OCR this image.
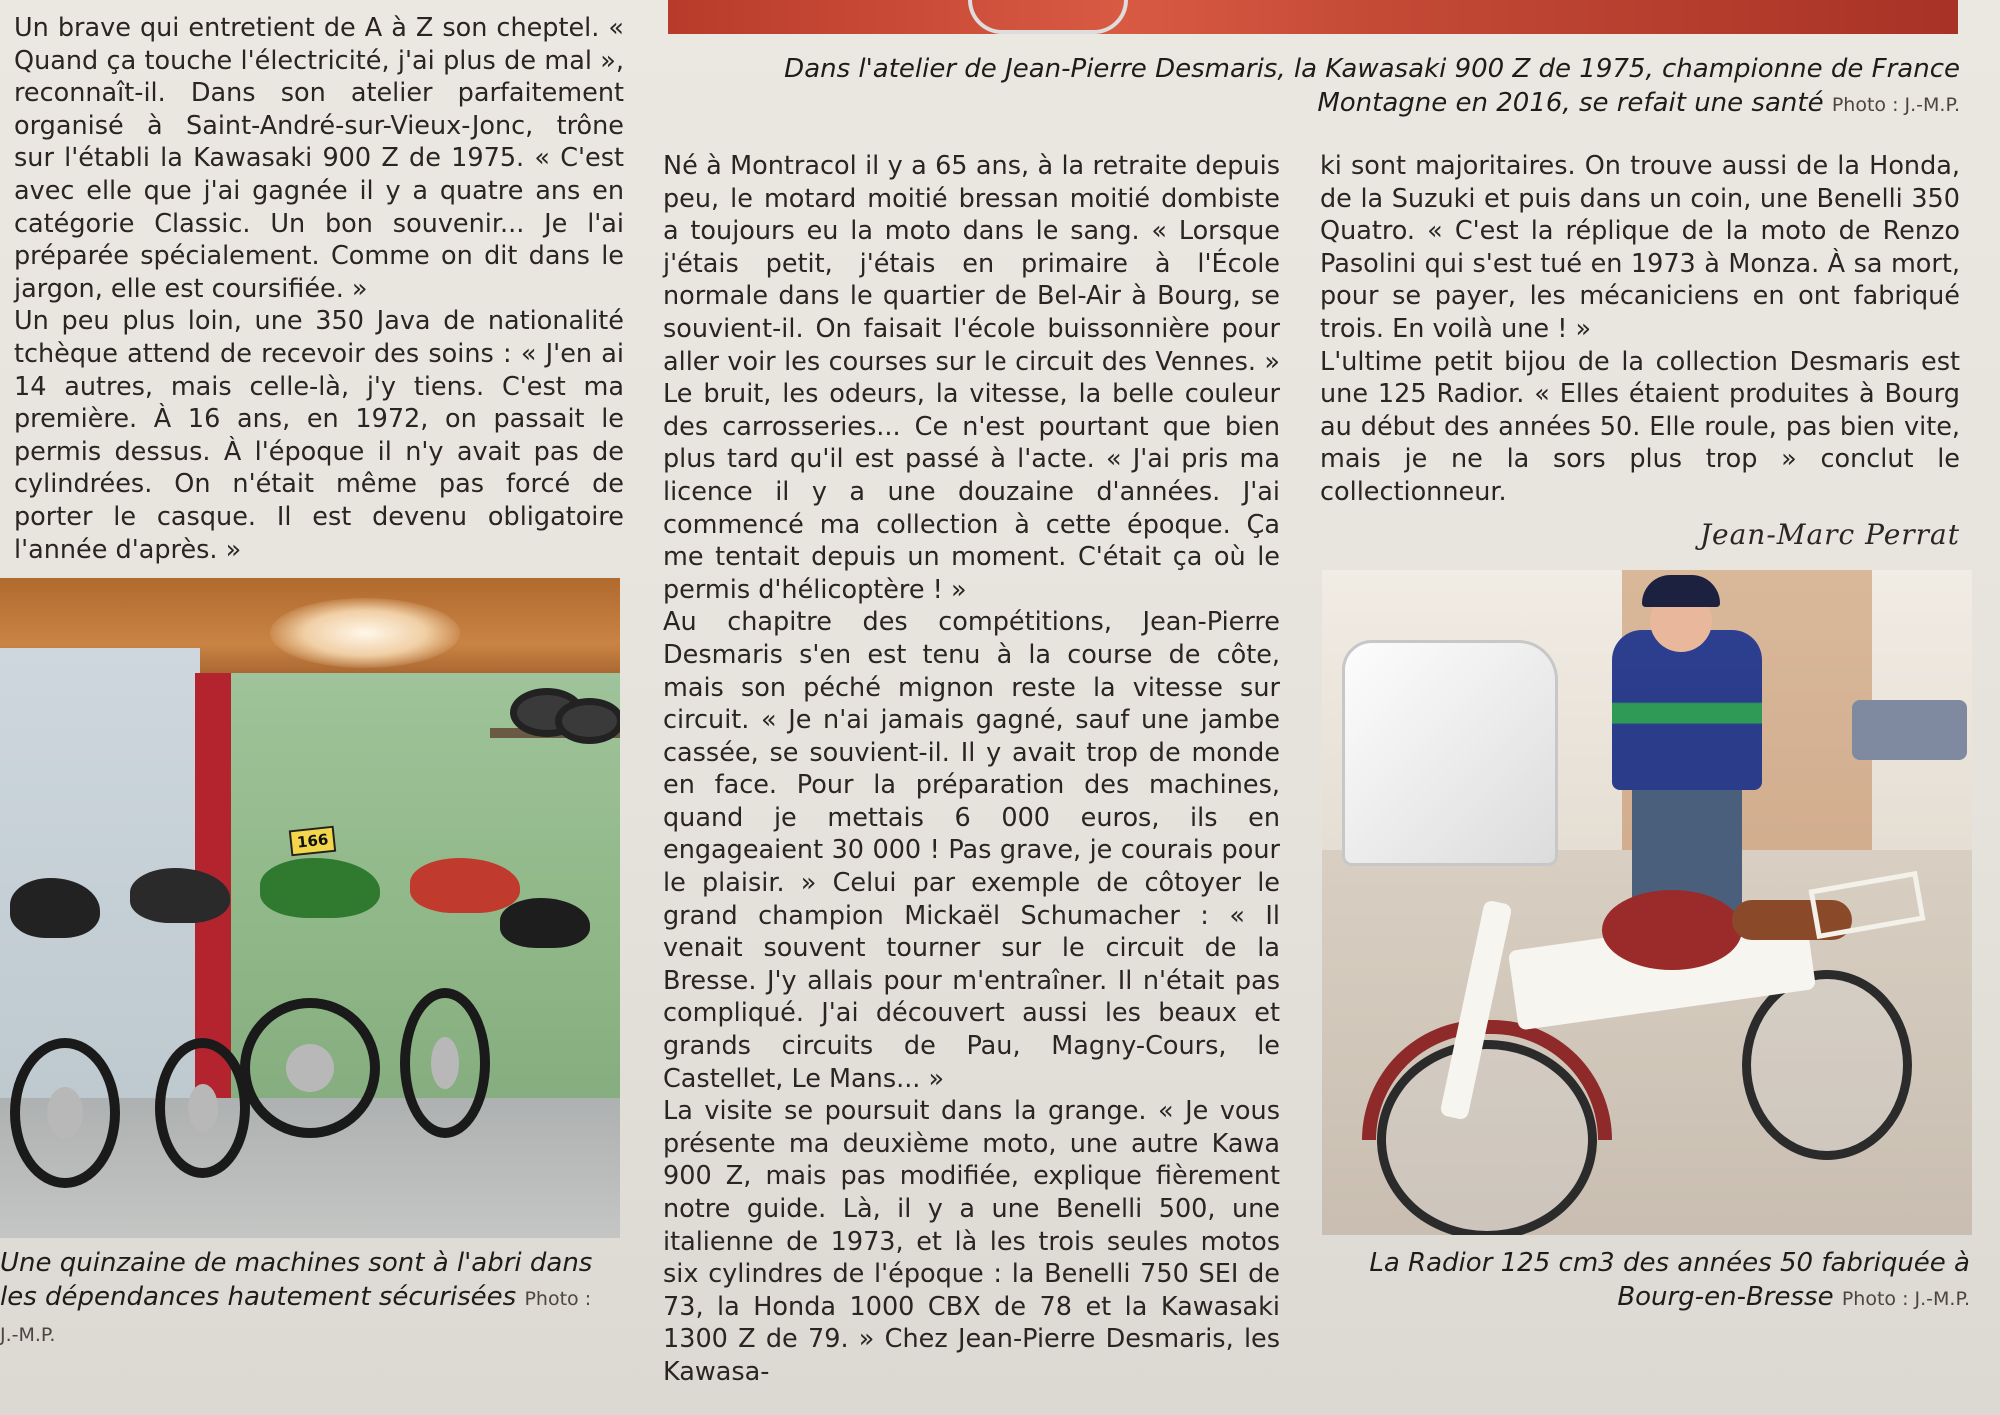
Un brave qui entretient de A à Z son cheptel. « Quand ça touche l'électricité, j'ai plus de mal », reconnaît-il. Dans son atelier parfaitement organisé à Saint-André-sur-Vieux-Jonc, trône sur l'établi la Kawasaki 900 Z de 1975. « C'est avec elle que j'ai gagnée il y a quatre ans en catégorie Classic. Un bon souvenir... Je l'ai préparée spécialement. Comme on dit dans le jargon, elle est coursifiée. »

Un peu plus loin, une 350 Java de nationalité tchèque attend de recevoir des soins : « J'en ai 14 autres, mais celle-là, j'y tiens. C'est ma première. À 16 ans, en 1972, on passait le permis dessus. À l'époque il n'y avait pas de cylindrées. On n'était même pas forcé de porter le casque. Il est devenu obligatoire l'année d'après. »

Dans l'atelier de Jean-Pierre Desmaris, la Kawasaki 900 Z de 1975, championne de France Montagne en 2016, se refait une santé Photo : J.-M.P.

Né à Montracol il y a 65 ans, à la retraite depuis peu, le motard moitié bressan moitié dombiste a toujours eu la moto dans le sang. « Lorsque j'étais petit, j'étais en primaire à l'École normale dans le quartier de Bel-Air à Bourg, se souvient-il. On faisait l'école buissonnière pour aller voir les courses sur le circuit des Vennes. » Le bruit, les odeurs, la vitesse, la belle couleur des carrosseries... Ce n'est pourtant que bien plus tard qu'il est passé à l'acte. « J'ai pris ma licence il y a une douzaine d'années. J'ai commencé ma collection à cette époque. Ça me tentait depuis un moment. C'était ça où le permis d'hélicoptère ! »

Au chapitre des compétitions, Jean-Pierre Desmaris s'en est tenu à la course de côte, mais son péché mignon reste la vitesse sur circuit. « Je n'ai jamais gagné, sauf une jambe cassée, se souvient-il. Il y avait trop de monde en face. Pour la préparation des machines, quand je mettais 6 000 euros, ils en engageaient 30 000 ! Pas grave, je courais pour le plaisir. » Celui par exemple de côtoyer le grand champion Mickaël Schumacher : « Il venait souvent tourner sur le circuit de la Bresse. J'y allais pour m'entraîner. Il n'était pas compliqué. J'ai découvert aussi les beaux et grands circuits de Pau, Magny-Cours, le Castellet, Le Mans... »

La visite se poursuit dans la grange. « Je vous présente ma deuxième moto, une autre Kawa 900 Z, mais pas modifiée, explique fièrement notre guide. Là, il y a une Benelli 500, une italienne de 1973, et là les trois seules motos six cylindres de l'époque : la Benelli 750 SEI de 73, la Honda 1000 CBX de 78 et la Kawasaki 1300 Z de 79. » Chez Jean-Pierre Desmaris, les Kawasa-

ki sont majoritaires. On trouve aussi de la Honda, de la Suzuki et puis dans un coin, une Benelli 350 Quatro. « C'est la réplique de la moto de Renzo Pasolini qui s'est tué en 1973 à Monza. À sa mort, pour se payer, les mécaniciens en ont fabriqué trois. En voilà une ! »

L'ultime petit bijou de la collection Desmaris est une 125 Radior. « Elles étaient produites à Bourg au début des années 50. Elle roule, pas bien vite, mais je ne la sors plus trop » conclut le collectionneur.

Jean-Marc Perrat
166
Une quinzaine de machines sont à l'abri dans les dépendances hautement sécurisées Photo : J.-M.P.
La Radior 125 cm3 des années 50 fabriquée à Bourg-en-Bresse Photo : J.-M.P.
